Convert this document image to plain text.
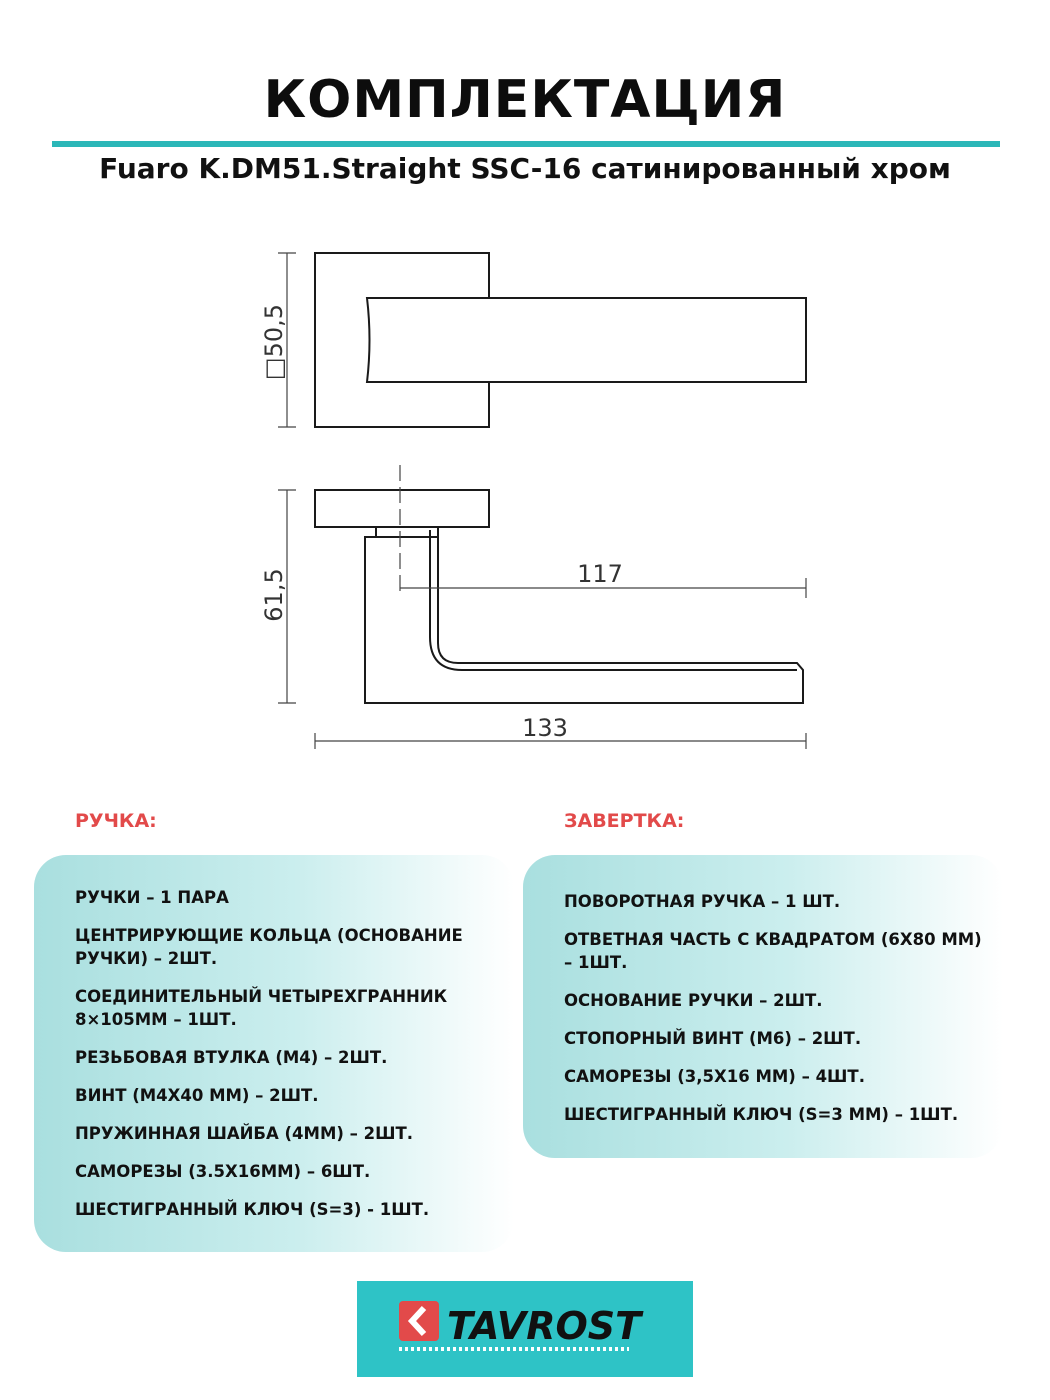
КОМПЛЕКТАЦИЯ
Fuaro K.DM51.Straight SSC-16 сатинированный хром
□50,5
61,5	117
133
РУЧКА:	ЗАВЕРТКА:
РУЧКИ – 1 ПАРА
ЦЕНТРИРУЮЩИЕ КОЛЬЦА (ОСНОВАНИЕ РУЧКИ) – 2ШТ.
СОЕДИНИТЕЛЬНЫЙ ЧЕТЫРЕХГРАННИК 8×105ММ – 1ШТ.
РЕЗЬБОВАЯ ВТУЛКА (М4) – 2ШТ.
ВИНТ (М4Х40 ММ) – 2ШТ.
ПРУЖИННАЯ ШАЙБА (4ММ) – 2ШТ.
САМОРЕЗЫ (3.5Х16ММ) – 6ШТ.
ШЕСТИГРАННЫЙ КЛЮЧ (S=3) - 1ШТ.
ПОВОРОТНАЯ РУЧКА – 1 ШТ.
ОТВЕТНАЯ ЧАСТЬ С КВАДРАТОМ (6Х80 ММ) – 1ШТ.
ОСНОВАНИЕ РУЧКИ – 2ШТ.
СТОПОРНЫЙ ВИНТ (М6) – 2ШТ.
САМОРЕЗЫ (3,5Х16 ММ) – 4ШТ.
ШЕСТИГРАННЫЙ КЛЮЧ (S=3 ММ) – 1ШТ.
TAVROST
